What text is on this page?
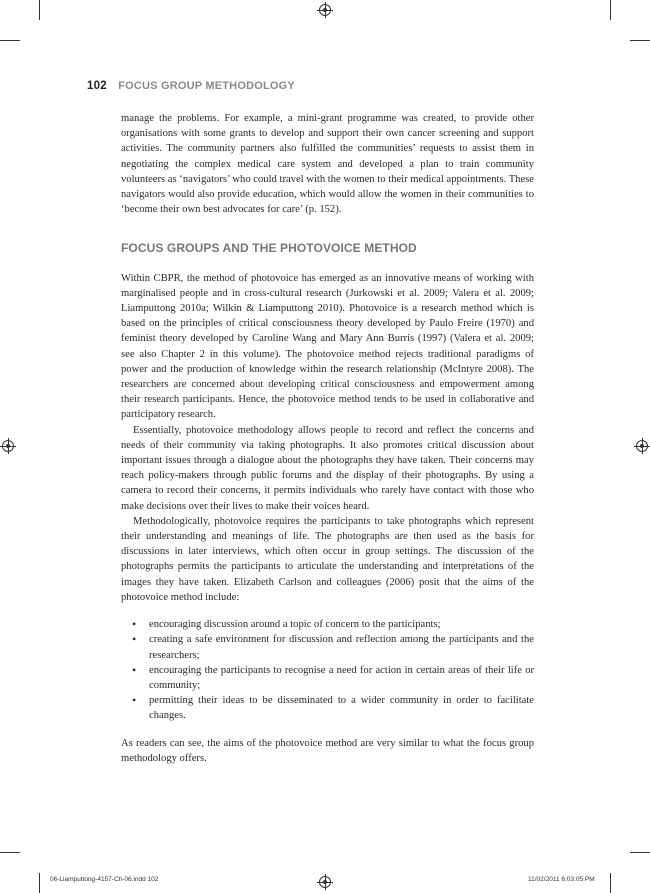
102 FOCUS GROUP METHODOLOGY

manage the problems. For example, a mini-grant programme was created, to provide other organisations with some grants to develop and support their own cancer screening and support activities. The community partners also fulfilled the communities’ requests to assist them in negotiating the complex medical care system and developed a plan to train community volunteers as ‘navigators’ who could travel with the women to their medical appointments. These navigators would also provide education, which would allow the women in their communities to ‘become their own best advocates for care’ (p. 152).

FOCUS GROUPS AND THE PHOTOVOICE METHOD

Within CBPR, the method of photovoice has emerged as an innovative means of working with marginalised people and in cross-cultural research (Jurkowski et al. 2009; Valera et al. 2009; Liamputtong 2010a; Wilkin & Liamputtong 2010). Photovoice is a research method which is based on the principles of critical consciousness theory developed by Paulo Freire (1970) and feminist theory developed by Caroline Wang and Mary Ann Burris (1997) (Valera et al. 2009; see also Chapter 2 in this volume). The photovoice method rejects traditional paradigms of power and the production of knowledge within the research relationship (McIntyre 2008). The researchers are concerned about developing critical consciousness and empowerment among their research participants. Hence, the photovoice method tends to be used in collaborative and participatory research.

Essentially, photovoice methodology allows people to record and reflect the concerns and needs of their community via taking photographs. It also promotes critical discussion about important issues through a dialogue about the photographs they have taken. Their concerns may reach policy-makers through public forums and the display of their photographs. By using a camera to record their concerns, it permits individuals who rarely have contact with those who make decisions over their lives to make their voices heard.

Methodologically, photovoice requires the participants to take photographs which represent their understanding and meanings of life. The photographs are then used as the basis for discussions in later interviews, which often occur in group settings. The discussion of the photographs permits the participants to articulate the understanding and interpretations of the images they have taken. Elizabeth Carlson and colleagues (2006) posit that the aims of the photovoice method include:

• encouraging discussion around a topic of concern to the participants;
• creating a safe environment for discussion and reflection among the participants and the researchers;
• encouraging the participants to recognise a need for action in certain areas of their life or community;
• permitting their ideas to be disseminated to a wider community in order to facilitate changes.

As readers can see, the aims of the photovoice method are very similar to what the focus group methodology offers.

06-Liamputtong-4157-Ch-06.indd 102	11/02/2011 6:03:05 PM
